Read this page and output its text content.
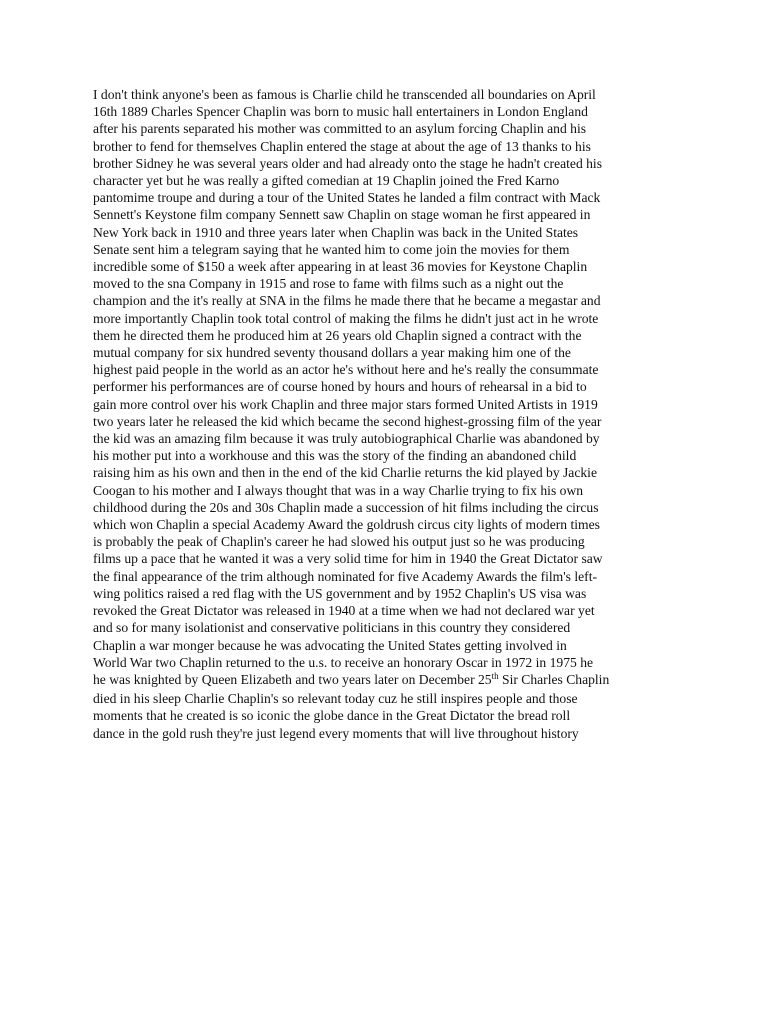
I don't think anyone's been as famous is Charlie child he transcended all boundaries on April
16th 1889 Charles Spencer Chaplin was born to music hall entertainers in London England
after his parents separated his mother was committed to an asylum forcing Chaplin and his
brother to fend for themselves Chaplin entered the stage at about the age of 13 thanks to his
brother Sidney he was several years older and had already onto the stage he hadn't created his
character yet but he was really a gifted comedian at 19 Chaplin joined the Fred Karno
pantomime troupe and during a tour of the United States he landed a film contract with Mack
Sennett's Keystone film company Sennett saw Chaplin on stage woman he first appeared in
New York back in 1910 and three years later when Chaplin was back in the United States
Senate sent him a telegram saying that he wanted him to come join the movies for them
incredible some of $150 a week after appearing in at least 36 movies for Keystone Chaplin
moved to the sna Company in 1915 and rose to fame with films such as a night out the
champion and the it's really at SNA in the films he made there that he became a megastar and
more importantly Chaplin took total control of making the films he didn't just act in he wrote
them he directed them he produced him at 26 years old Chaplin signed a contract with the
mutual company for six hundred seventy thousand dollars a year making him one of the
highest paid people in the world as an actor he's without here and he's really the consummate
performer his performances are of course honed by hours and hours of rehearsal in a bid to
gain more control over his work Chaplin and three major stars formed United Artists in 1919
two years later he released the kid which became the second highest-grossing film of the year
the kid was an amazing film because it was truly autobiographical Charlie was abandoned by
his mother put into a workhouse and this was the story of the finding an abandoned child
raising him as his own and then in the end of the kid Charlie returns the kid played by Jackie
Coogan to his mother and I always thought that was in a way Charlie trying to fix his own
childhood during the 20s and 30s Chaplin made a succession of hit films including the circus
which won Chaplin a special Academy Award the goldrush circus city lights of modern times
is probably the peak of Chaplin's career he had slowed his output just so he was producing
films up a pace that he wanted it was a very solid time for him in 1940 the Great Dictator saw
the final appearance of the trim although nominated for five Academy Awards the film's left-
wing politics raised a red flag with the US government and by 1952 Chaplin's US visa was
revoked the Great Dictator was released in 1940 at a time when we had not declared war yet
and so for many isolationist and conservative politicians in this country they considered
Chaplin a war monger because he was advocating the United States getting involved in
World War two Chaplin returned to the u.s. to receive an honorary Oscar in 1972 in 1975 he
he was knighted by Queen Elizabeth and two years later on December 25th Sir Charles Chaplin
died in his sleep Charlie Chaplin's so relevant today cuz he still inspires people and those
moments that he created is so iconic the globe dance in the Great Dictator the bread roll
dance in the gold rush they're just legend every moments that will live throughout history
